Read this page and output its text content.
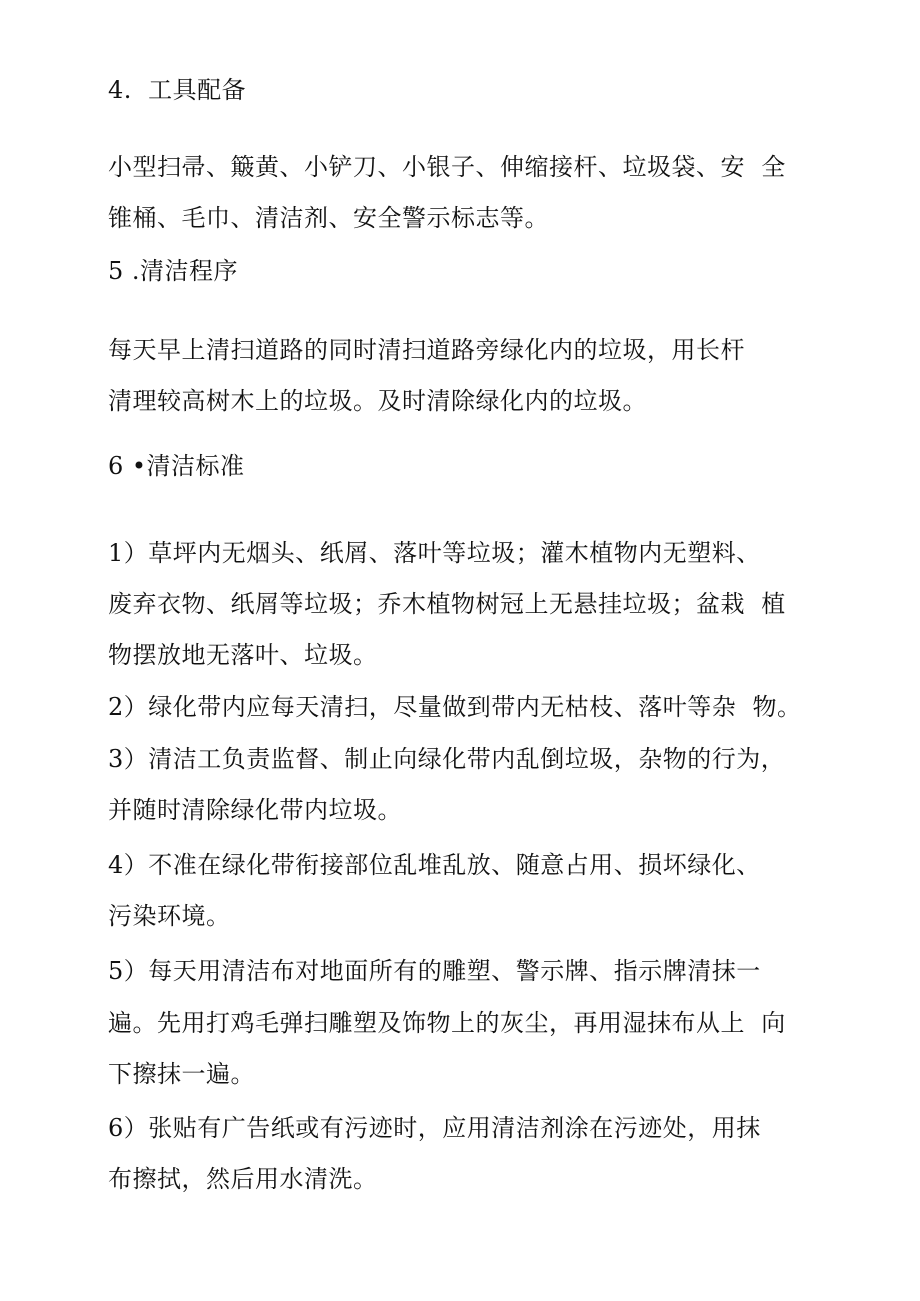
4.  工具配备
小型扫帚、簸黄、小铲刀、小银子、伸缩接杆、垃圾袋、安  全
锥桶、毛巾、清洁剂、安全警示标志等。
5 .清洁程序
每天早上清扫道路的同时清扫道路旁绿化内的垃圾，用长杆
清理较高树木上的垃圾。及时清除绿化内的垃圾。
6 •清洁标准
1）草坪内无烟头、纸屑、落叶等垃圾；灌木植物内无塑料、
废弃衣物、纸屑等垃圾；乔木植物树冠上无悬挂垃圾；盆栽  植
物摆放地无落叶、垃圾。
2）绿化带内应每天清扫，尽量做到带内无枯枝、落叶等杂  物。
3）清洁工负责监督、制止向绿化带内乱倒垃圾，杂物的行为，
并随时清除绿化带内垃圾。
4）不准在绿化带衔接部位乱堆乱放、随意占用、损坏绿化、
污染环境。
5）每天用清洁布对地面所有的雕塑、警示牌、指示牌清抹一
遍。先用打鸡毛弹扫雕塑及饰物上的灰尘，再用湿抹布从上  向
下擦抹一遍。
6）张贴有广告纸或有污迹时，应用清洁剂涂在污迹处，用抹
布擦拭，然后用水清洗。
